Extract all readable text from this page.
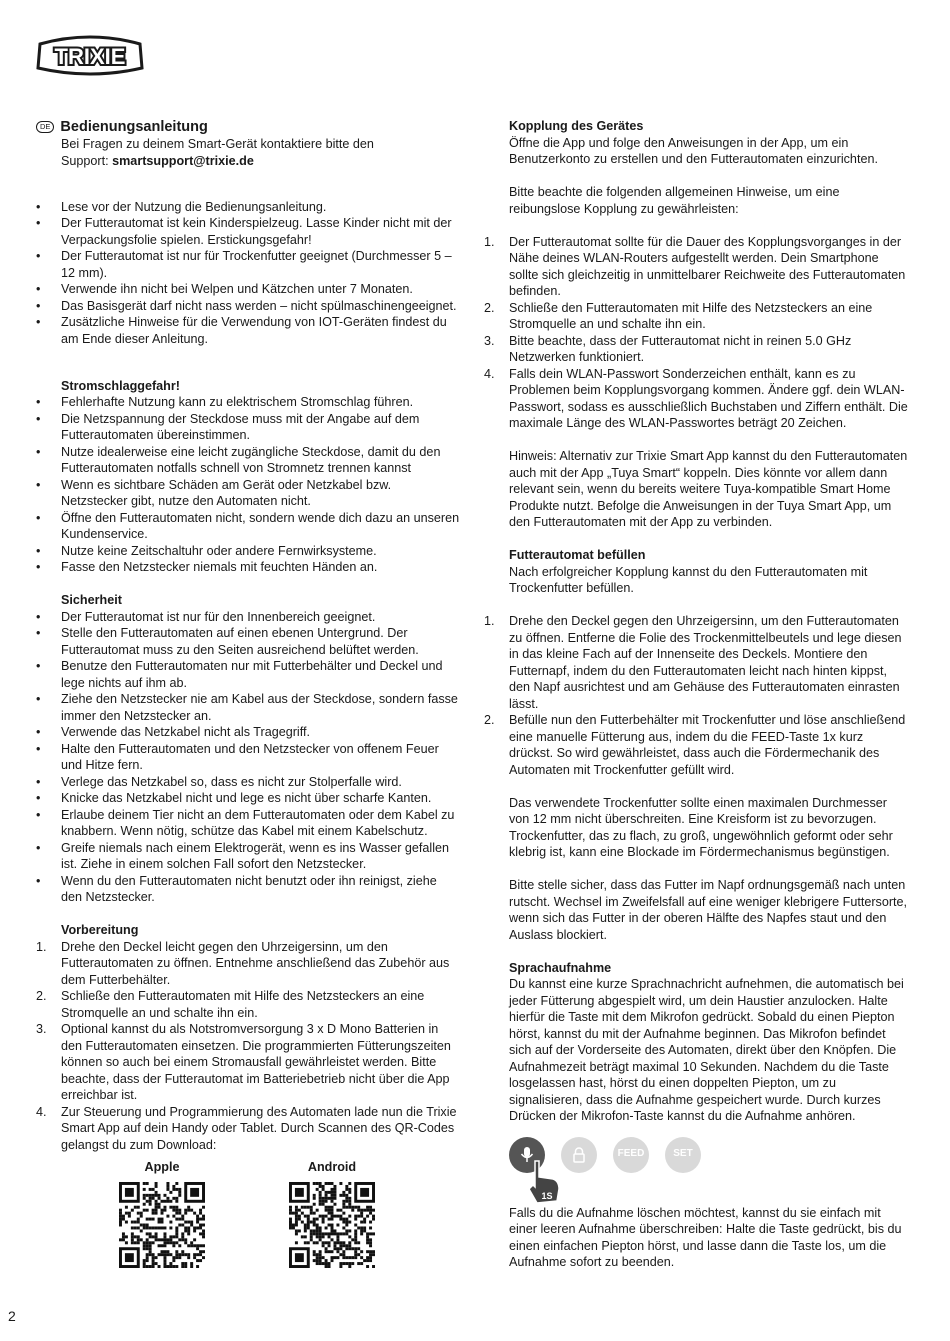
TRIXIE
DE Bedienungsanleitung
Bei Fragen zu deinem Smart-Gerät kontaktiere bitte den
Support: smartsupport@trixie.de
• Lese vor der Nutzung die Bedienungsanleitung.
• Der Futterautomat ist kein Kinderspielzeug. Lasse Kinder nicht mit der Verpackungsfolie spielen. Erstickungsgefahr!
• Der Futterautomat ist nur für Trockenfutter geeignet (Durchmesser 5 – 12 mm).
• Verwende ihn nicht bei Welpen und Kätzchen unter 7 Monaten.
• Das Basisgerät darf nicht nass werden – nicht spülmaschinengeeignet.
• Zusätzliche Hinweise für die Verwendung von IOT-Geräten findest du am Ende dieser Anleitung.
Stromschlaggefahr!
• Fehlerhafte Nutzung kann zu elektrischem Stromschlag führen.
• Die Netzspannung der Steckdose muss mit der Angabe auf dem Futterautomaten übereinstimmen.
• Nutze idealerweise eine leicht zugängliche Steckdose, damit du den Futterautomaten notfalls schnell von Stromnetz trennen kannst
• Wenn es sichtbare Schäden am Gerät oder Netzkabel bzw. Netzstecker gibt, nutze den Automaten nicht.
• Öffne den Futterautomaten nicht, sondern wende dich dazu an unseren Kundenservice.
• Nutze keine Zeitschaltuhr oder andere Fernwirksysteme.
• Fasse den Netzstecker niemals mit feuchten Händen an.
Sicherheit
• Der Futterautomat ist nur für den Innenbereich geeignet.
• Stelle den Futterautomaten auf einen ebenen Untergrund. Der Futterautomat muss zu den Seiten ausreichend belüftet werden.
• Benutze den Futterautomaten nur mit Futterbehälter und Deckel und lege nichts auf ihm ab.
• Ziehe den Netzstecker nie am Kabel aus der Steckdose, sondern fasse immer den Netzstecker an.
• Verwende das Netzkabel nicht als Tragegriff.
• Halte den Futterautomaten und den Netzstecker von offenem Feuer und Hitze fern.
• Verlege das Netzkabel so, dass es nicht zur Stolperfalle wird.
• Knicke das Netzkabel nicht und lege es nicht über scharfe Kanten.
• Erlaube deinem Tier nicht an dem Futterautomaten oder dem Kabel zu knabbern. Wenn nötig, schütze das Kabel mit einem Kabelschutz.
• Greife niemals nach einem Elektrogerät, wenn es ins Wasser gefallen ist. Ziehe in einem solchen Fall sofort den Netzstecker.
• Wenn du den Futterautomaten nicht benutzt oder ihn reinigst, ziehe den Netzstecker.
Vorbereitung
1. Drehe den Deckel leicht gegen den Uhrzeigersinn, um den Futterautomaten zu öffnen. Entnehme anschließend das Zubehör aus dem Futterbehälter.
2. Schließe den Futterautomaten mit Hilfe des Netzsteckers an eine Stromquelle an und schalte ihn ein.
3. Optional kannst du als Notstromversorgung 3 x D Mono Batterien in den Futterautomaten einsetzen. Die programmierten Fütterungszeiten können so auch bei einem Stromausfall gewährleistet werden. Bitte beachte, dass der Futterautomat im Batteriebetrieb nicht über die App erreichbar ist.
4. Zur Steuerung und Programmierung des Automaten lade nun die Trixie Smart App auf dein Handy oder Tablet. Durch Scannen des QR-Codes gelangst du zum Download:
Apple	Android
Kopplung des Gerätes

Öffne die App und folge den Anweisungen in der App, um ein Benutzerkonto zu erstellen und den Futterautomaten einzurichten.

Bitte beachte die folgenden allgemeinen Hinweise, um eine reibungslose Kopplung zu gewährleisten:

1. Der Futterautomat sollte für die Dauer des Kopplungsvorganges in der Nähe deines WLAN-Routers aufgestellt werden. Dein Smartphone sollte sich gleichzeitig in unmittelbarer Reichweite des Futterautomaten befinden.
2. Schließe den Futterautomaten mit Hilfe des Netzsteckers an eine Stromquelle an und schalte ihn ein.
3. Bitte beachte, dass der Futterautomat nicht in reinen 5.0 GHz Netzwerken funktioniert.
4. Falls dein WLAN-Passwort Sonderzeichen enthält, kann es zu Problemen beim Kopplungsvorgang kommen. Ändere ggf. dein WLAN-Passwort, sodass es ausschließlich Buchstaben und Ziffern enthält. Die maximale Länge des WLAN-Passwortes beträgt 20 Zeichen.

Hinweis: Alternativ zur Trixie Smart App kannst du den Futterautomaten auch mit der App „Tuya Smart“ koppeln. Dies könnte vor allem dann relevant sein, wenn du bereits weitere Tuya-kompatible Smart Home Produkte nutzt. Befolge die Anweisungen in der Tuya Smart App, um den Futterautomaten mit der App zu verbinden.

Futterautomat befüllen

Nach erfolgreicher Kopplung kannst du den Futterautomaten mit Trockenfutter befüllen.

1. Drehe den Deckel gegen den Uhrzeigersinn, um den Futterautomaten zu öffnen. Entferne die Folie des Trockenmittelbeutels und lege diesen in das kleine Fach auf der Innenseite des Deckels. Montiere den Futternapf, indem du den Futterautomaten leicht nach hinten kippst, den Napf ausrichtest und am Gehäuse des Futterautomaten einrasten lässt.
2. Befülle nun den Futterbehälter mit Trockenfutter und löse anschließend eine manuelle Fütterung aus, indem du die FEED-Taste 1x kurz drückst. So wird gewährleistet, dass auch die Fördermechanik des Automaten mit Trockenfutter gefüllt wird.

Das verwendete Trockenfutter sollte einen maximalen Durchmesser von 12 mm nicht überschreiten. Eine Kreisform ist zu bevorzugen. Trockenfutter, das zu flach, zu groß, ungewöhnlich geformt oder sehr klebrig ist, kann eine Blockade im Fördermechanismus begünstigen.

Bitte stelle sicher, dass das Futter im Napf ordnungsgemäß nach unten rutscht. Wechsel im Zweifelsfall auf eine weniger klebrigere Futtersorte, wenn sich das Futter in der oberen Hälfte des Napfes staut und den Auslass blockiert.

Sprachaufnahme

Du kannst eine kurze Sprachnachricht aufnehmen, die automatisch bei jeder Fütterung abgespielt wird, um dein Haustier anzulocken. Halte hierfür die Taste mit dem Mikrofon gedrückt. Sobald du einen Piepton hörst, kannst du mit der Aufnahme beginnen. Das Mikrofon befindet sich auf der Vorderseite des Automaten, direkt über den Knöpfen. Die Aufnahmezeit beträgt maximal 10 Sekunden. Nachdem du die Taste losgelassen hast, hörst du einen doppelten Piepton, um zu signalisieren, dass die Aufnahme gespeichert wurde. Durch kurzes Drücken der Mikrofon-Taste kannst du die Aufnahme anhören.

FEED	SET
1S

Falls du die Aufnahme löschen möchtest, kannst du sie einfach mit einer leeren Aufnahme überschreiben: Halte die Taste gedrückt, bis du einen einfachen Piepton hörst, und lasse dann die Taste los, um die Aufnahme sofort zu beenden.

2
